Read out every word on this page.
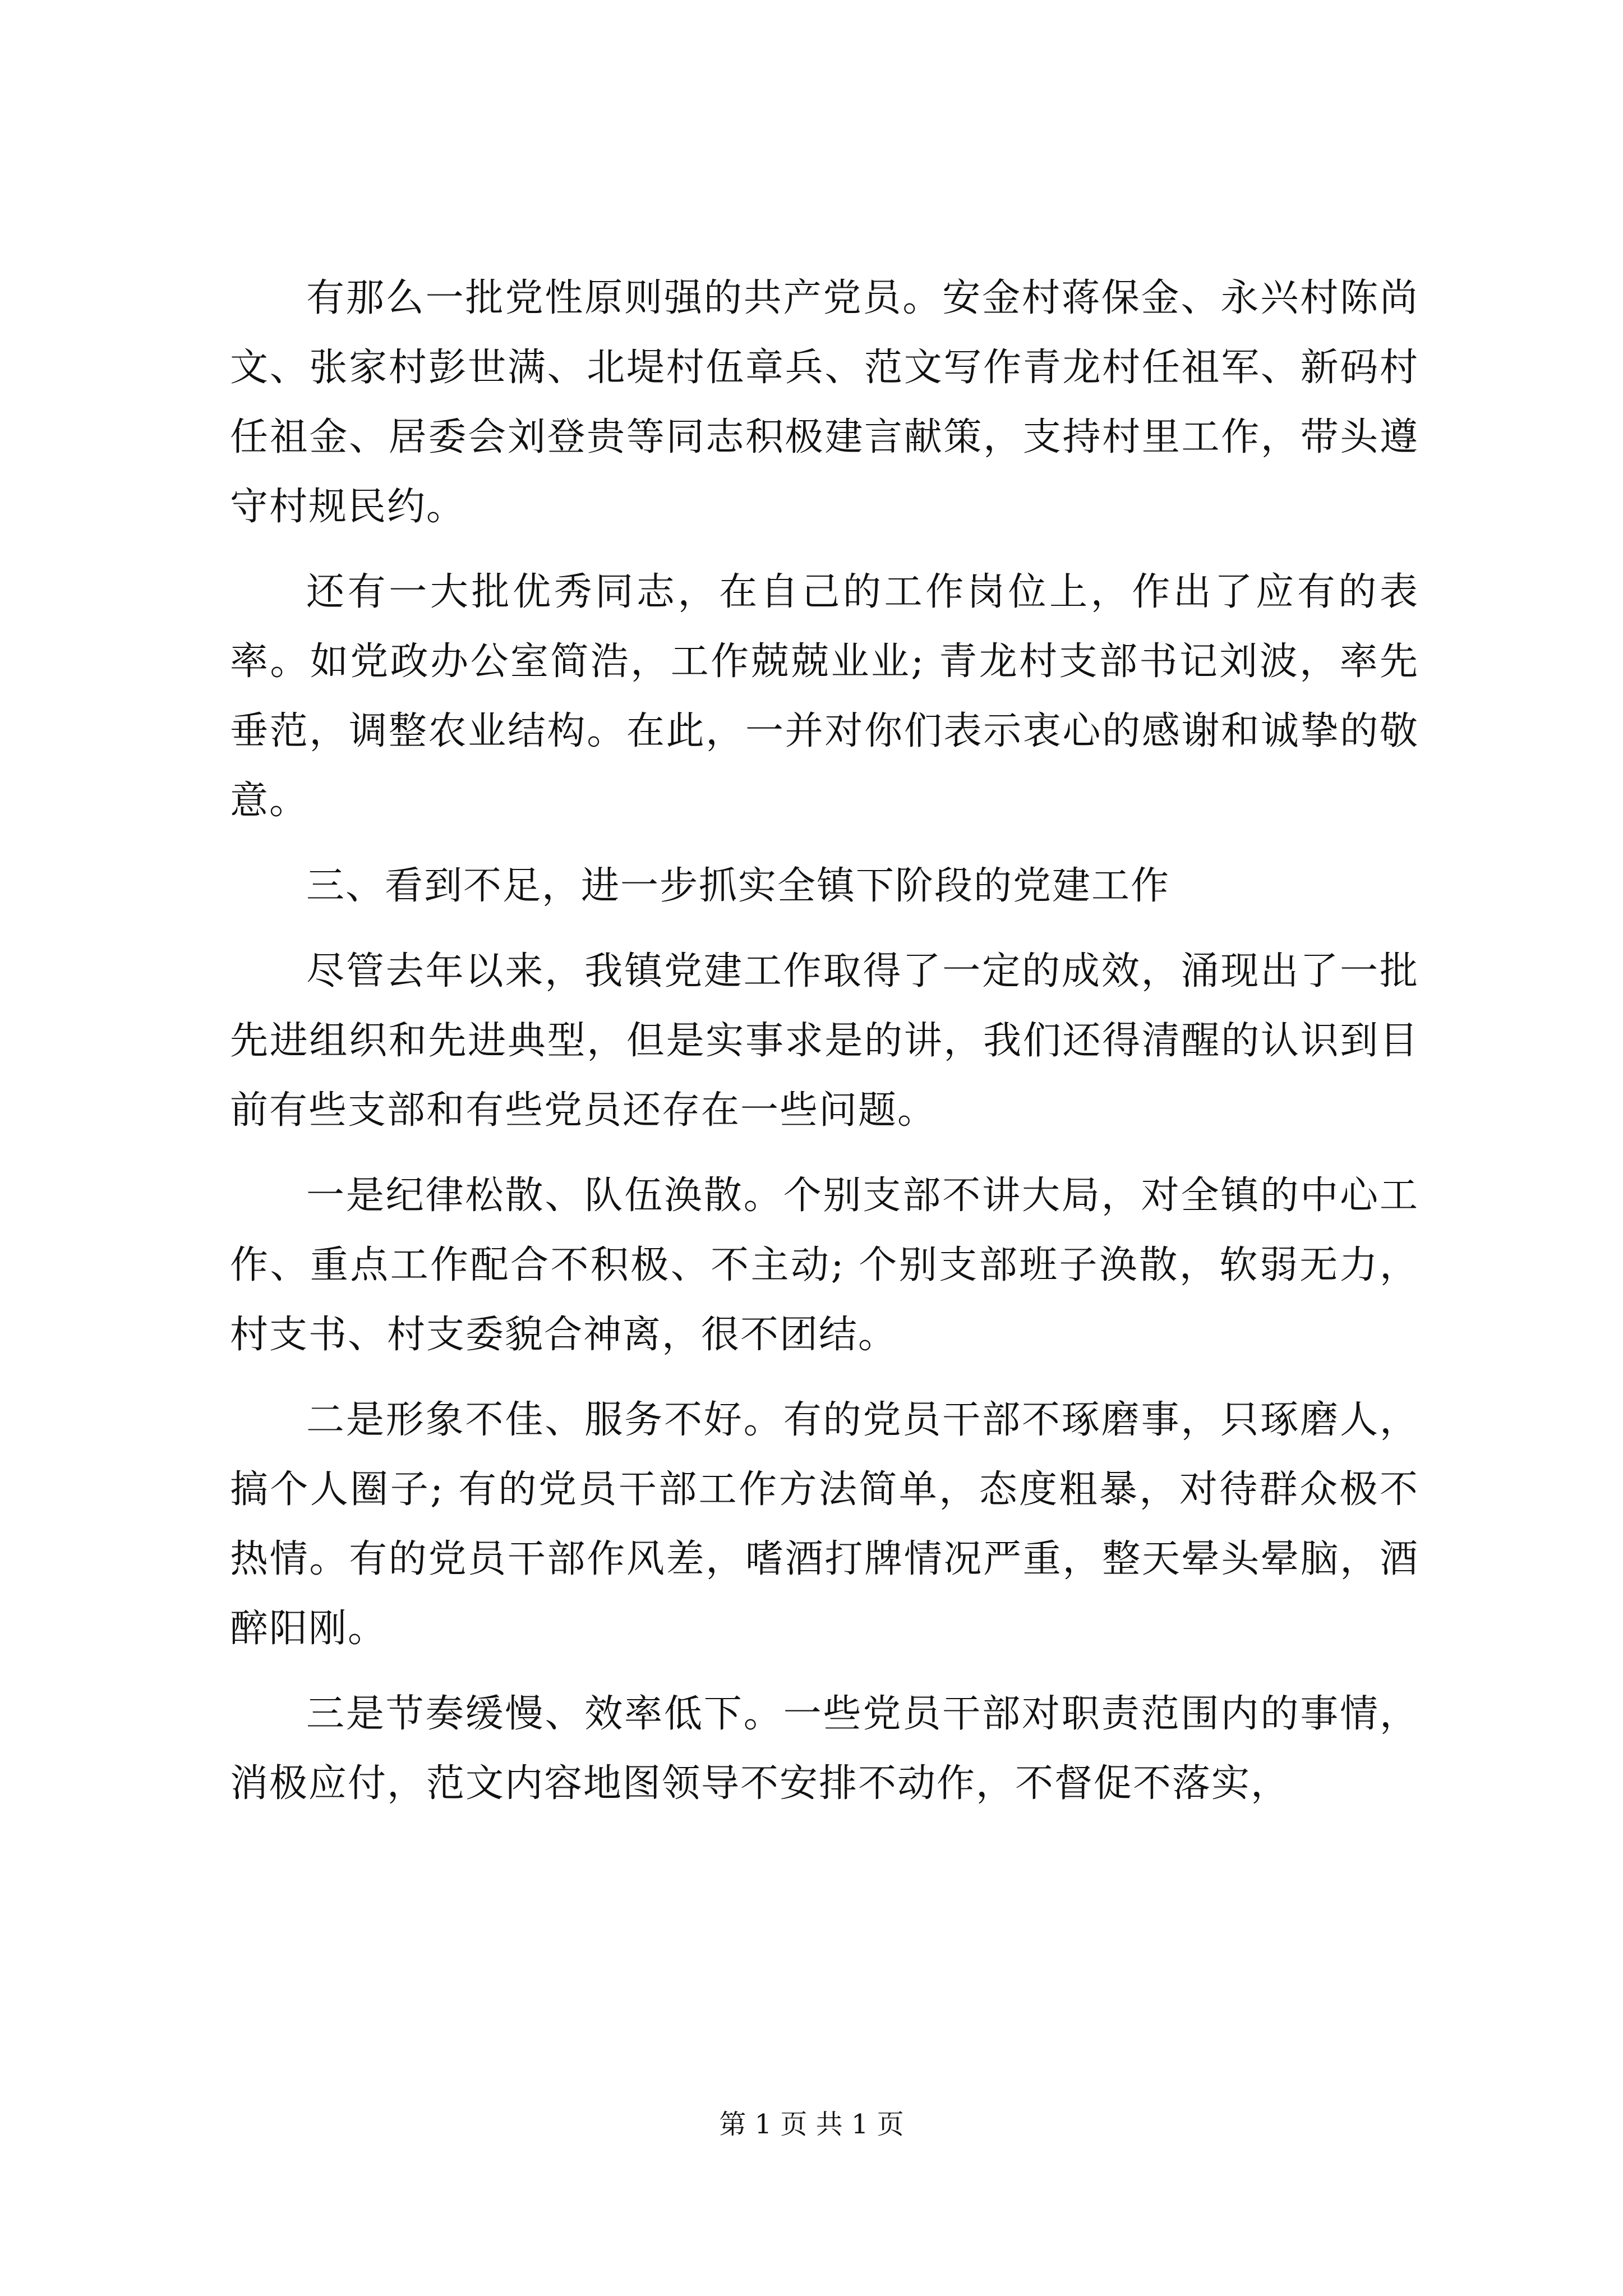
有那么一批党性原则强的共产党员。安金村蒋保金、永兴村陈尚文、张家村彭世满、北堤村伍章兵、范文写作青龙村任祖军、新码村任祖金、居委会刘登贵等同志积极建言献策，支持村里工作，带头遵守村规民约。

还有一大批优秀同志，在自己的工作岗位上，作出了应有的表率。如党政办公室简浩，工作兢兢业业; 青龙村支部书记刘波，率先垂范，调整农业结构。在此，一并对你们表示衷心的感谢和诚挚的敬意。

三、看到不足，进一步抓实全镇下阶段的党建工作

尽管去年以来，我镇党建工作取得了一定的成效，涌现出了一批先进组织和先进典型，但是实事求是的讲，我们还得清醒的认识到目前有些支部和有些党员还存在一些问题。

一是纪律松散、队伍涣散。个别支部不讲大局，对全镇的中心工作、重点工作配合不积极、不主动; 个别支部班子涣散，软弱无力，村支书、村支委貌合神离，很不团结。

二是形象不佳、服务不好。有的党员干部不琢磨事，只琢磨人，搞个人圈子; 有的党员干部工作方法简单，态度粗暴，对待群众极不热情。有的党员干部作风差，嗜酒打牌情况严重，整天晕头晕脑，酒醉阳刚。

三是节奏缓慢、效率低下。一些党员干部对职责范围内的事情，消极应付，范文内容地图领导不安排不动作，不督促不落实，

第 1 页 共 1 页
